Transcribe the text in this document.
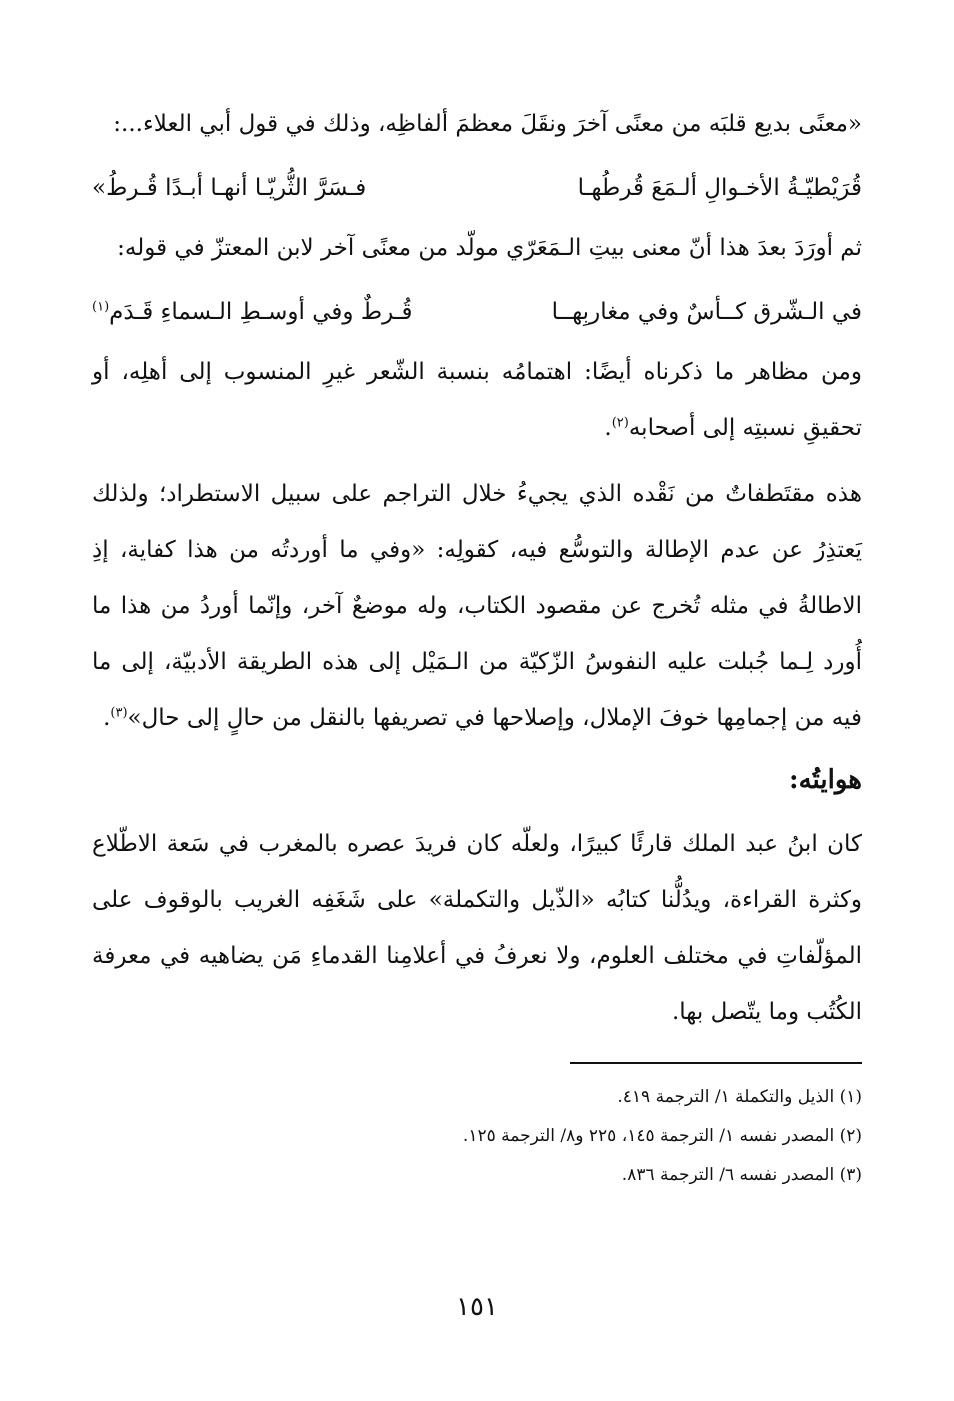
«معنًى بديع قلبَه من معنًى آخرَ ونقَلَ معظمَ ألفاظِه، وذلك في قول أبي العلاء...:

قُرَيْطيّـةُ الأخـوالِ ألـمَعَ قُرطُهـا
فـسَرَّ الثُّريّـا أنهـا أبـدًا قُـرطُ»

ثم أورَدَ بعدَ هذا أنّ معنى بيتِ الـمَعَرّي مولّد من معنًى آخر لابن المعتزّ في قوله:

في الـشّرق كــأسٌ وفي مغاربِهــا
قُـرطٌ وفي أوسـطِ الـسماءِ قَـدَم$^{(١)}$

ومن مظاهر ما ذكرناه أيضًا: اهتمامُه بنسبة الشّعر غيرِ المنسوب إلى أهلِه، أو تحقيقِ نسبتِه إلى أصحابه$^{(٢)}$.

هذه مقتَطفاتٌ من نَقْده الذي يجيءُ خلال التراجم على سبيل الاستطراد؛ ولذلك يَعتذِرُ عن عدم الإطالة والتوسُّع فيه، كقولِه: «وفي ما أوردتُه من هذا كفاية، إذِ الاطالةُ في مثله تُخرج عن مقصود الكتاب، وله موضعٌ آخر، وإنّما أوردُ من هذا ما أُورد لِـما جُبلت عليه النفوسُ الزّكيّة من الـمَيْل إلى هذه الطريقة الأدبيّة، إلى ما فيه من إجمامِها خوفَ الإملال، وإصلاحها في تصريفها بالنقل من حالٍ إلى حال»$^{(٣)}$.

هوايتُه:

كان ابنُ عبد الملك قارئًا كبيرًا، ولعلّه كان فريدَ عصره بالمغرب في سَعة الاطّلاع وكثرة القراءة، ويدُلُّنا كتابُه «الذّيل والتكملة» على شَغَفِه الغريب بالوقوف على المؤلّفاتِ في مختلف العلوم، ولا نعرفُ في أعلامِنا القدماءِ مَن يضاهيه في معرفة الكُتُب وما يتّصل بها.

(١) الذيل والتكملة ١/ الترجمة ٤١٩.

(٢) المصدر نفسه ١/ الترجمة ١٤٥، ٢٢٥ و٨/ الترجمة ١٢٥.

(٣) المصدر نفسه ٦/ الترجمة ٨٣٦.

١٥١
